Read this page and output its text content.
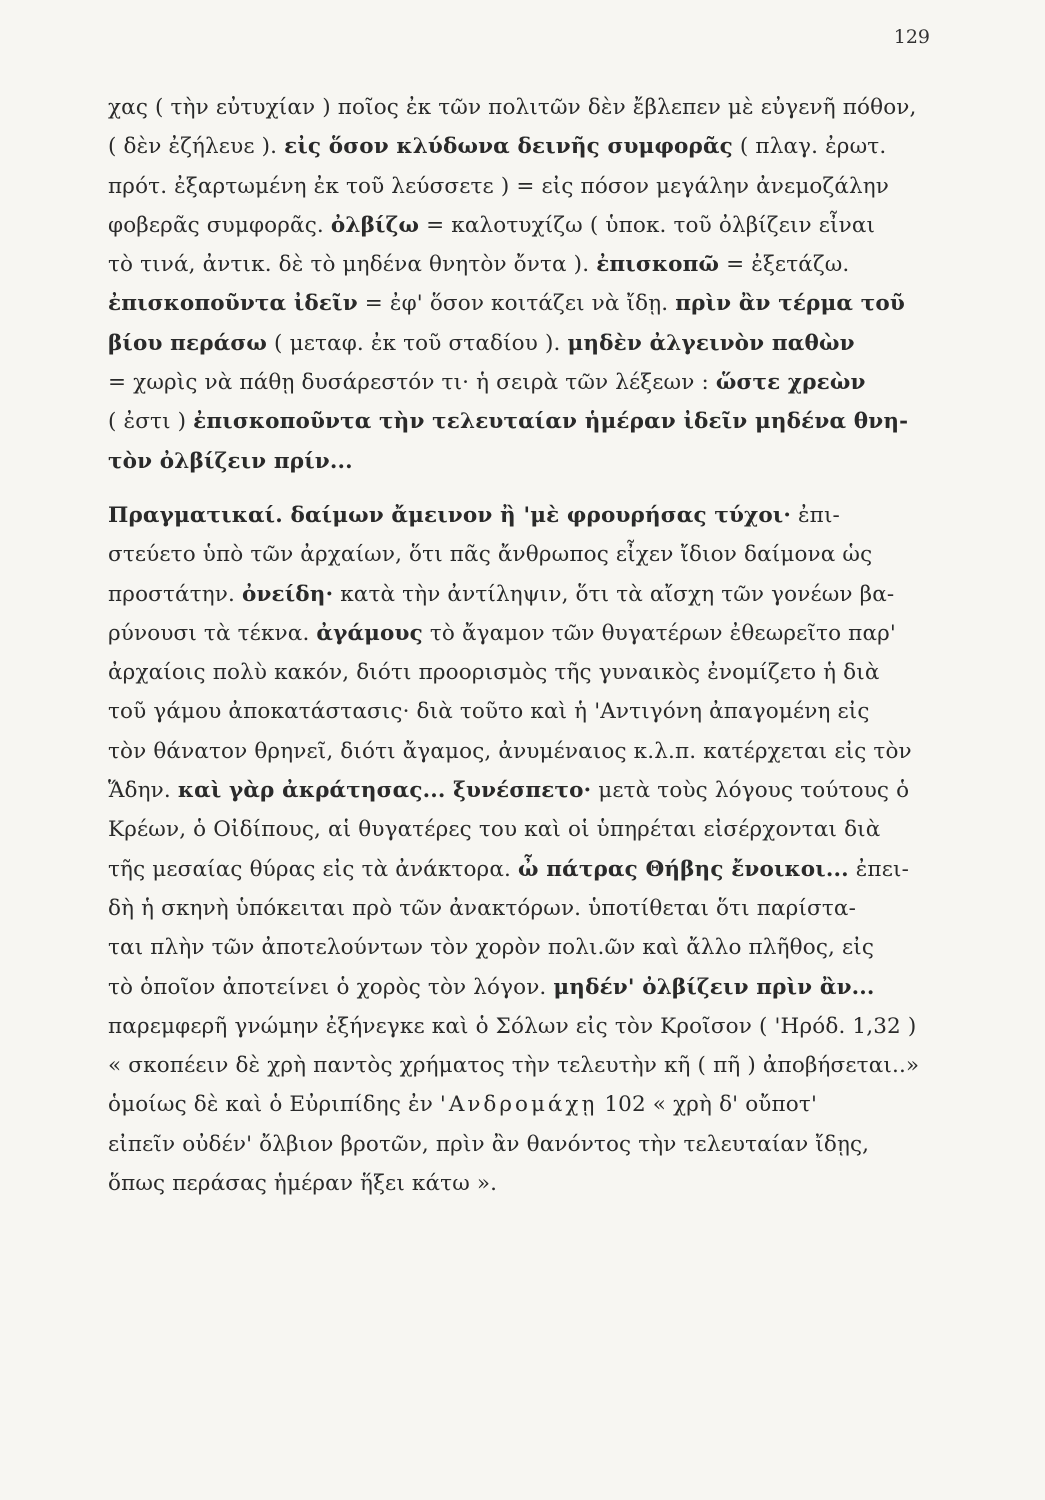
129
χας ( τὴν εὐτυχίαν ) ποῖος ἐκ τῶν πολιτῶν δὲν ἔβλεπεν μὲ εὐγενῆ πόθον,
( δὲν ἐζήλευε ). εἰς ὅσον κλύδωνα δεινῆς συμφορᾶς ( πλαγ. ἐρωτ.
πρότ. ἐξαρτωμένη ἐκ τοῦ λεύσσετε ) = εἰς πόσον μεγάλην ἀνεμοζάλην
φοβερᾶς συμφορᾶς. ὀλβίζω = καλοτυχίζω ( ὑποκ. τοῦ ὀλβίζειν εἶναι
τὸ τινά, ἀντικ. δὲ τὸ μηδένα θνητὸν ὄντα ). ἐπισκοπῶ = ἐξετάζω.
ἐπισκοποῦντα ἰδεῖν = ἐφ' ὅσον κοιτάζει νὰ ἴδῃ. πρὶν ἂν τέρμα τοῦ
βίου περάσω ( μεταφ. ἐκ τοῦ σταδίου ). μηδὲν ἀλγεινὸν παθὼν
= χωρὶς νὰ πάθῃ δυσάρεστόν τι· ἡ σειρὰ τῶν λέξεων : ὥστε χρεὼν
( ἐστι ) ἐπισκοποῦντα τὴν τελευταίαν ἡμέραν ἰδεῖν μηδένα θνη-
τὸν ὀλβίζειν πρίν...
Πραγματικαί. δαίμων ἄμεινον ἢ 'μὲ φρουρήσας τύχοι· ἐπι-
στεύετο ὑπὸ τῶν ἀρχαίων, ὅτι πᾶς ἄνθρωπος εἶχεν ἴδιον δαίμονα ὡς
προστάτην. ὀνείδη· κατὰ τὴν ἀντίληψιν, ὅτι τὰ αἴσχη τῶν γονέων βα-
ρύνουσι τὰ τέκνα. ἀγάμους τὸ ἄγαμον τῶν θυγατέρων ἐθεωρεῖτο παρ'
ἀρχαίοις πολὺ κακόν, διότι προορισμὸς τῆς γυναικὸς ἐνομίζετο ἡ διὰ
τοῦ γάμου ἀποκατάστασις· διὰ τοῦτο καὶ ἡ 'Αντιγόνη ἀπαγομένη εἰς
τὸν θάνατον θρηνεῖ, διότι ἄγαμος, ἀνυμέναιος κ.λ.π. κατέρχεται εἰς τὸν
Ἅδην. καὶ γὰρ ἀκράτησας... ξυνέσπετο· μετὰ τοὺς λόγους τούτους ὁ
Κρέων, ὁ Οἰδίπους, αἱ θυγατέρες του καὶ οἱ ὑπηρέται εἰσέρχονται διὰ
τῆς μεσαίας θύρας εἰς τὰ ἀνάκτορα. ὦ πάτρας Θήβης ἔνοικοι... ἐπει-
δὴ ἡ σκηνὴ ὑπόκειται πρὸ τῶν ἀνακτόρων. ὑποτίθεται ὅτι παρίστα-
ται πλὴν τῶν ἀποτελούντων τὸν χορὸν πολι.ῶν καὶ ἄλλο πλῆθος, εἰς
τὸ ὁποῖον ἀποτείνει ὁ χορὸς τὸν λόγον. μηδέν' ὀλβίζειν πρὶν ἂν...
παρεμφερῆ γνώμην ἐξήνεγκε καὶ ὁ Σόλων εἰς τὸν Κροῖσον ( 'Ηρόδ. 1,32 )
« σκοπέειν δὲ χρὴ παντὸς χρήματος τὴν τελευτὴν κῆ ( πῆ ) ἀποβήσεται..»
ὁμοίως δὲ καὶ ὁ Εὐριπίδης ἐν 'Ανδρομάχῃ 102 « χρὴ δ' οὔποτ'
εἰπεῖν οὐδέν' ὄλβιον βροτῶν, πρὶν ἂν θανόντος τὴν τελευταίαν ἴδῃς,
ὅπως περάσας ἡμέραν ἥξει κάτω ».
